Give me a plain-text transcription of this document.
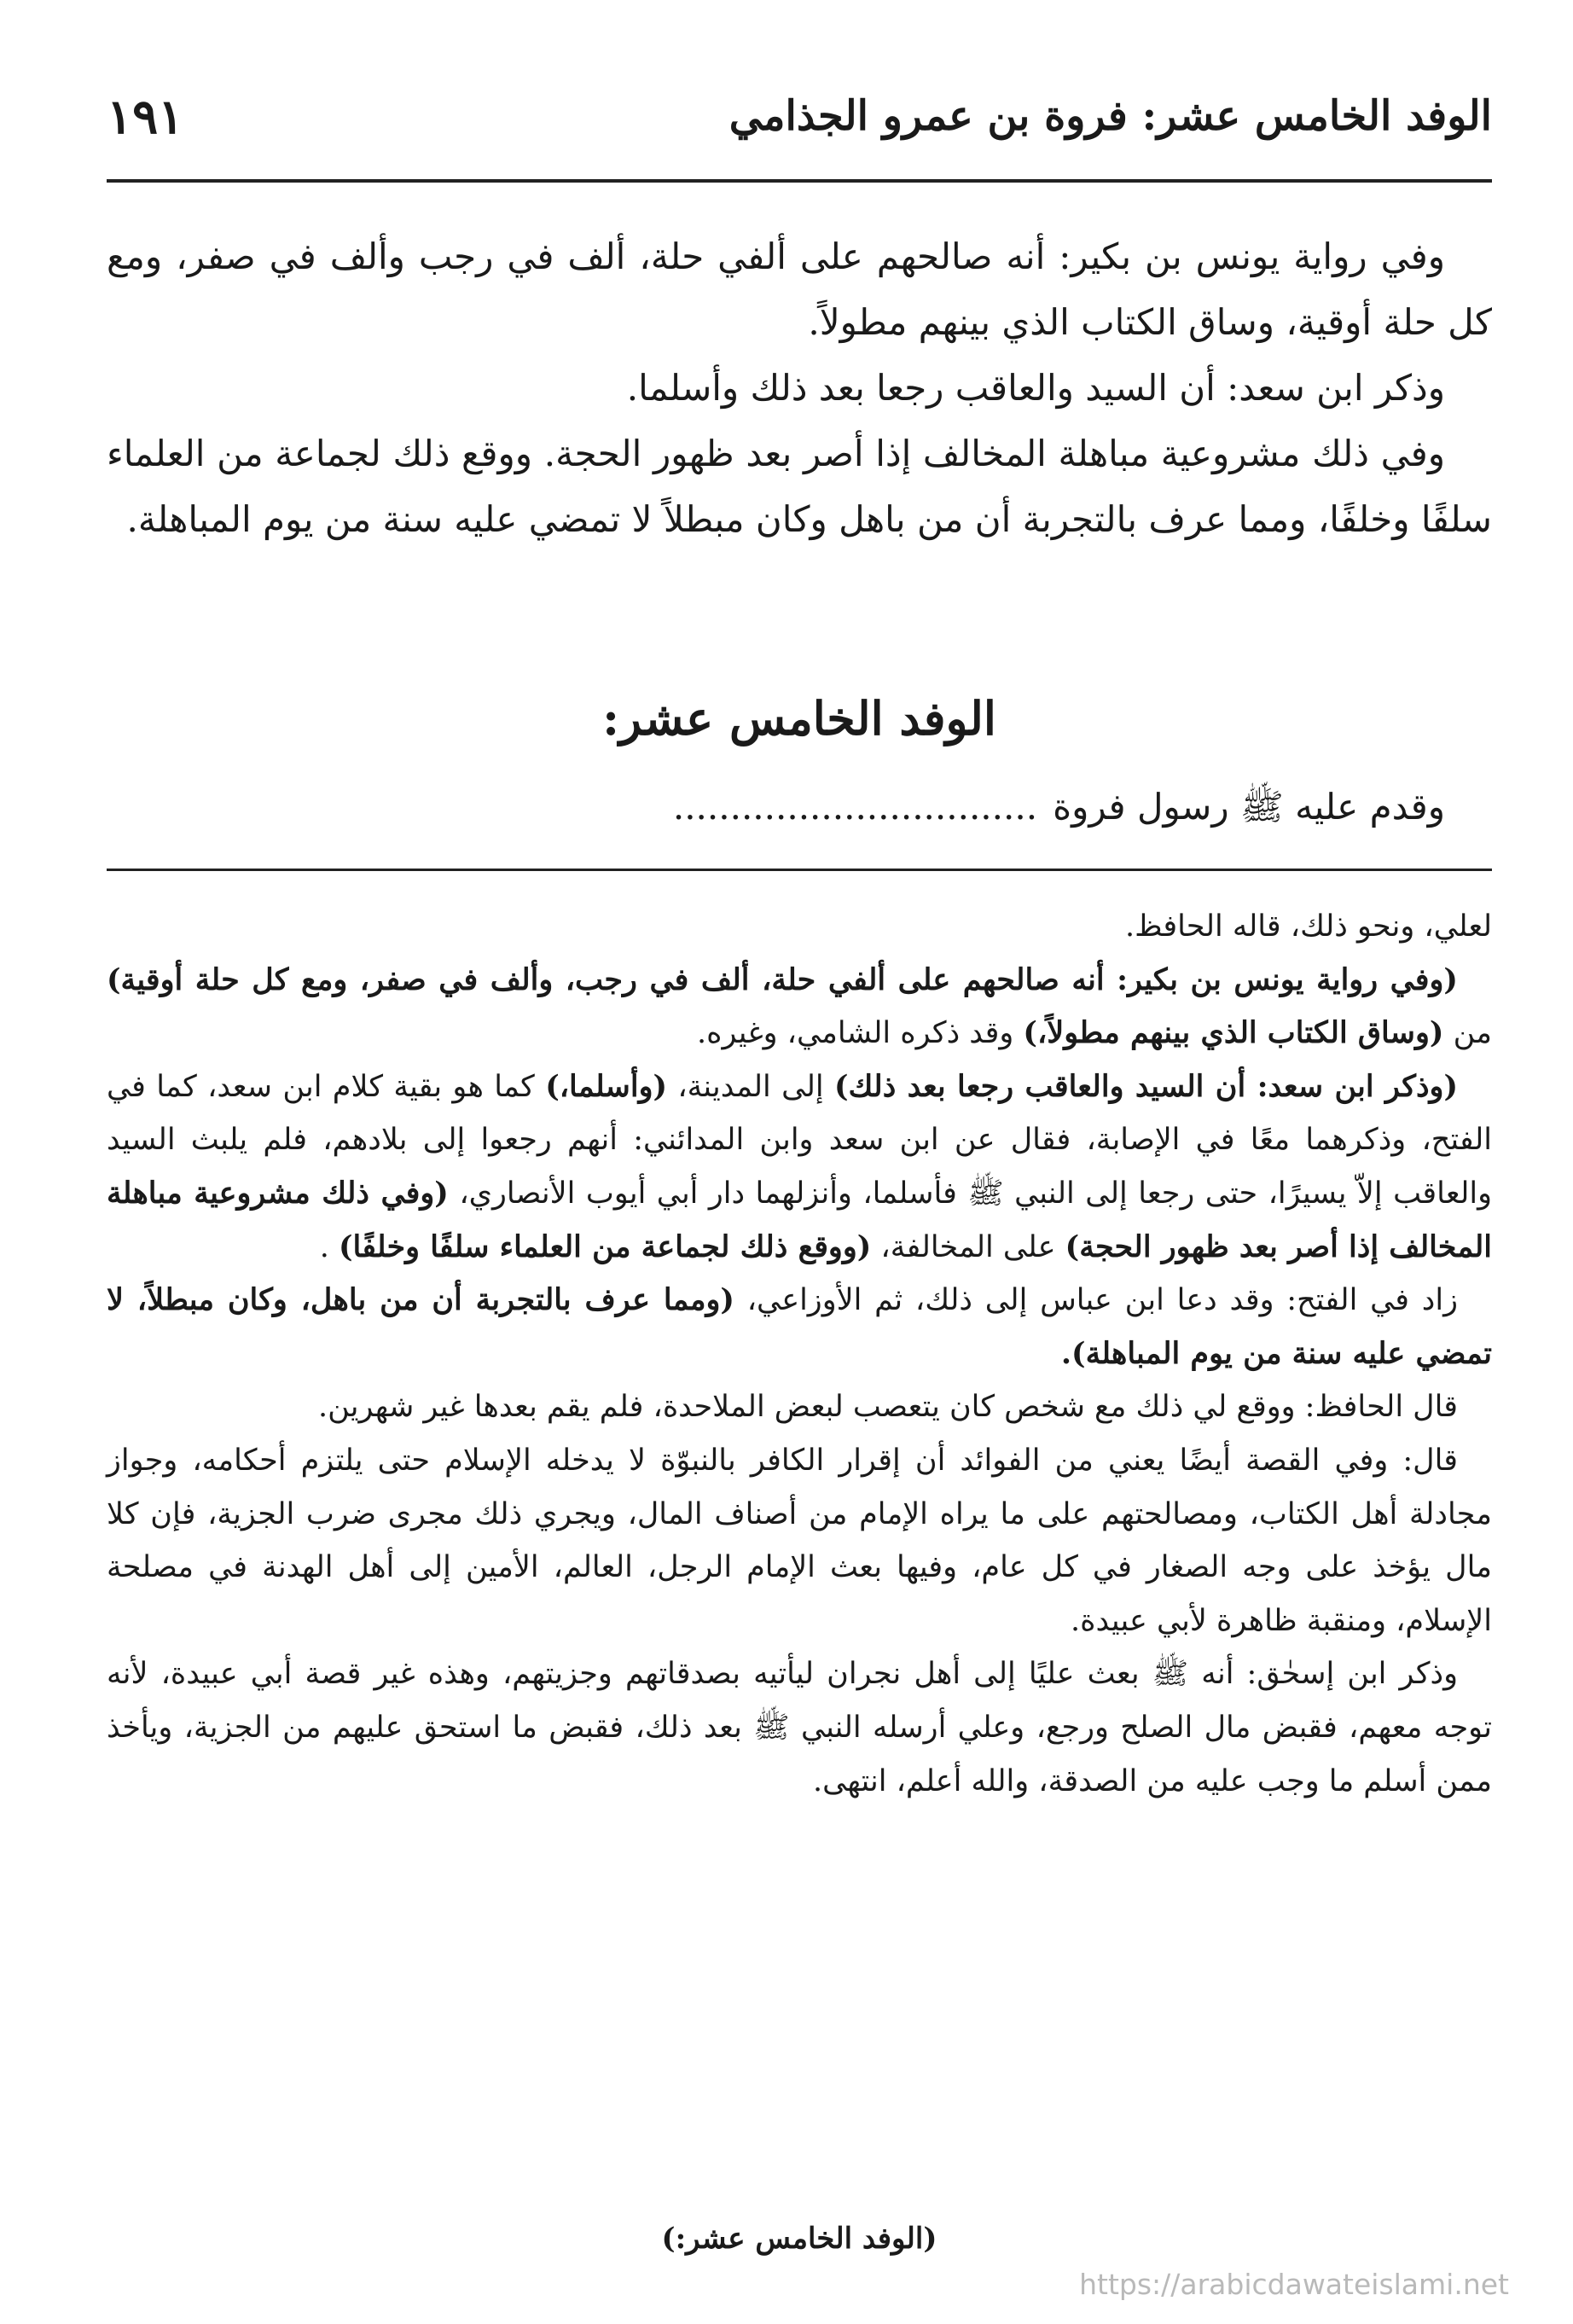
الوفد الخامس عشر: فروة بن عمرو الجذامي
١٩١

وفي رواية يونس بن بكير: أنه صالحهم على ألفي حلة، ألف في رجب وألف في صفر، ومع كل حلة أوقية، وساق الكتاب الذي بينهم مطولاً.

وذكر ابن سعد: أن السيد والعاقب رجعا بعد ذلك وأسلما.

وفي ذلك مشروعية مباهلة المخالف إذا أصر بعد ظهور الحجة. ووقع ذلك لجماعة من العلماء سلفًا وخلفًا، ومما عرف بالتجربة أن من باهل وكان مبطلاً لا تمضي عليه سنة من يوم المباهلة.

الوفد الخامس عشر:
وقدم عليه ﷺ رسول فروة................................

لعلي، ونحو ذلك، قاله الحافظ.

(وفي رواية يونس بن بكير: أنه صالحهم على ألفي حلة، ألف في رجب، وألف في صفر، ومع كل حلة أوقية) من (وساق الكتاب الذي بينهم مطولاً،) وقد ذكره الشامي، وغيره.

(وذكر ابن سعد: أن السيد والعاقب رجعا بعد ذلك) إلى المدينة، (وأسلما،) كما هو بقية كلام ابن سعد، كما في الفتح، وذكرهما معًا في الإصابة، فقال عن ابن سعد وابن المدائني: أنهم رجعوا إلى بلادهم، فلم يلبث السيد والعاقب إلاّ يسيرًا، حتى رجعا إلى النبي ﷺ فأسلما، وأنزلهما دار أبي أيوب الأنصاري، (وفي ذلك مشروعية مباهلة المخالف إذا أصر بعد ظهور الحجة) على المخالفة، (ووقع ذلك لجماعة من العلماء سلفًا وخلفًا) .

زاد في الفتح: وقد دعا ابن عباس إلى ذلك، ثم الأوزاعي، (ومما عرف بالتجربة أن من باهل، وكان مبطلاً، لا تمضي عليه سنة من يوم المباهلة).

قال الحافظ: ووقع لي ذلك مع شخص كان يتعصب لبعض الملاحدة، فلم يقم بعدها غير شهرين.

قال: وفي القصة أيضًا يعني من الفوائد أن إقرار الكافر بالنبوّة لا يدخله الإسلام حتى يلتزم أحكامه، وجواز مجادلة أهل الكتاب، ومصالحتهم على ما يراه الإمام من أصناف المال، ويجري ذلك مجرى ضرب الجزية، فإن كلا مال يؤخذ على وجه الصغار في كل عام، وفيها بعث الإمام الرجل، العالم، الأمين إلى أهل الهدنة في مصلحة الإسلام، ومنقبة ظاهرة لأبي عبيدة.

وذكر ابن إسحٰق: أنه ﷺ بعث عليًا إلى أهل نجران ليأتيه بصدقاتهم وجزيتهم، وهذه غير قصة أبي عبيدة، لأنه توجه معهم، فقبض مال الصلح ورجع، وعلي أرسله النبي ﷺ بعد ذلك، فقبض ما استحق عليهم من الجزية، ويأخذ ممن أسلم ما وجب عليه من الصدقة، والله أعلم، انتهى.

(الوفد الخامس عشر:)
https://arabicdawateislami.net
